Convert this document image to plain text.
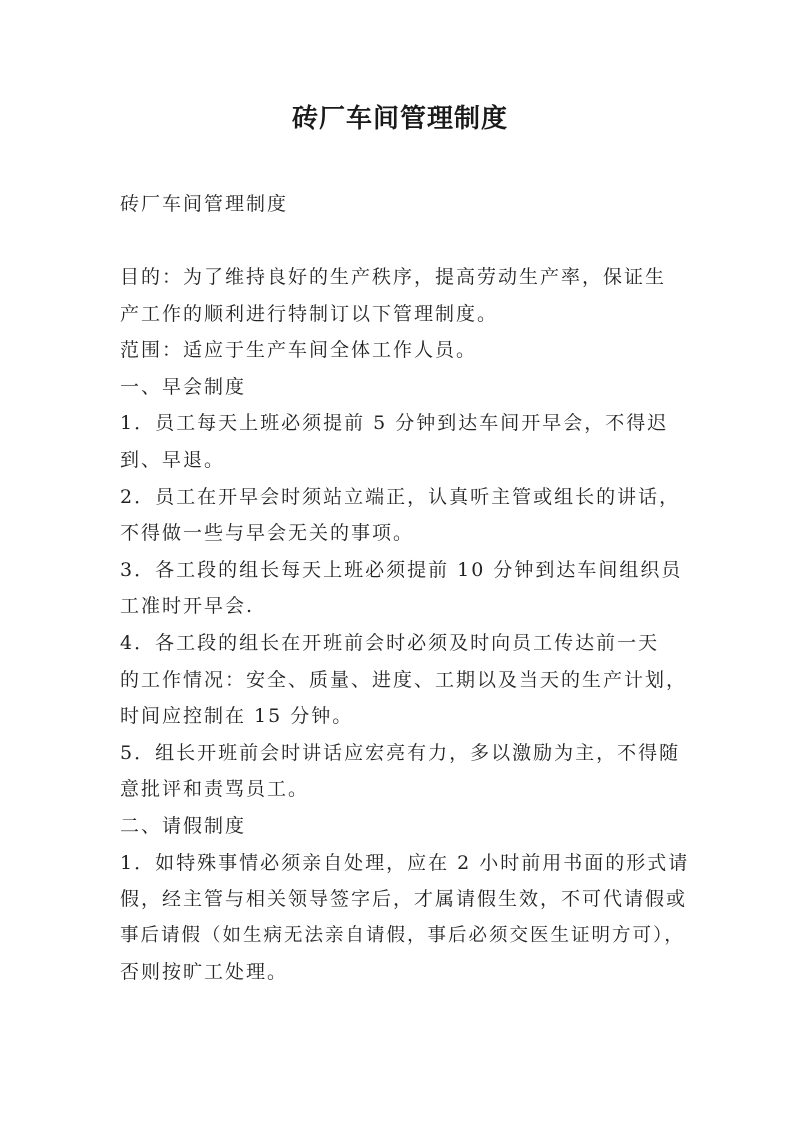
砖厂车间管理制度
砖厂车间管理制度
目的：为了维持良好的生产秩序，提高劳动生产率，保证生
产工作的顺利进行特制订以下管理制度。
范围：适应于生产车间全体工作人员。
一、早会制度
1．员工每天上班必须提前 5 分钟到达车间开早会，不得迟
到、早退。
2．员工在开早会时须站立端正，认真听主管或组长的讲话，
不得做一些与早会无关的事项。
3．各工段的组长每天上班必须提前 10 分钟到达车间组织员
工准时开早会.
4．各工段的组长在开班前会时必须及时向员工传达前一天
的工作情况：安全、质量、进度、工期以及当天的生产计划，
时间应控制在 15 分钟。
5．组长开班前会时讲话应宏亮有力，多以激励为主，不得随
意批评和责骂员工。
二、请假制度
1．如特殊事情必须亲自处理，应在 2 小时前用书面的形式请
假，经主管与相关领导签字后，才属请假生效，不可代请假或
事后请假（如生病无法亲自请假，事后必须交医生证明方可），
否则按旷工处理。
